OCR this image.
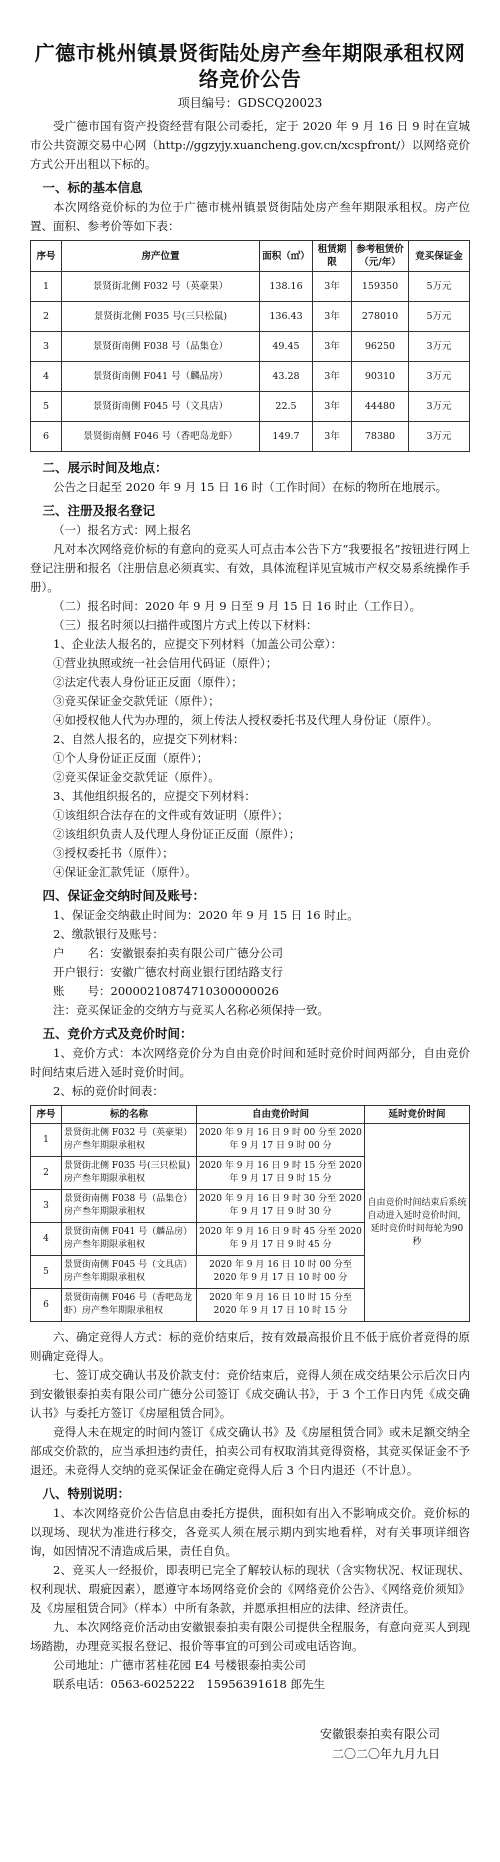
广德市桃州镇景贤街陆处房产叁年期限承租权网络竞价公告
项目编号：GDSCQ20023

受广德市国有资产投资经营有限公司委托，定于 2020 年 9 月 16 日 9 时在宣城市公共资源交易中心网（http://ggzyjy.xuancheng.gov.cn/xcspfront/）以网络竞价方式公开出租以下标的。

一、标的基本信息

本次网络竞价标的为位于广德市桃州镇景贤街陆处房产叁年期限承租权。房产位置、面积、参考价等如下表：

序号	房产位置	面积（㎡）	租赁期限	参考租赁价（元/年）	竞买保证金
1	景贤街北侧 F032 号（英豪果）	138.16	3年	159350	5万元
2	景贤街北侧 F035 号(三只松鼠)	136.43	3年	278010	5万元
3	景贤街南侧 F038 号（品集仓）	49.45	3年	96250	3万元
4	景贤街南侧 F041 号（麟品房）	43.28	3年	90310	3万元
5	景贤街南侧 F045 号（文具店）	22.5	3年	44480	3万元
6	景贤街南侧 F046 号（香吧岛龙虾）	149.7	3年	78380	3万元
二、展示时间及地点：

公告之日起至 2020 年 9 月 15 日 16 时（工作时间）在标的物所在地展示。

三、注册及报名登记

（一）报名方式：网上报名

凡对本次网络竞价标的有意向的竞买人可点击本公告下方“我要报名”按钮进行网上登记注册和报名（注册信息必须真实、有效，具体流程详见宣城市产权交易系统操作手册）。

（二）报名时间：2020 年 9 月 9 日至 9 月 15 日 16 时止（工作日）。

（三）报名时须以扫描件或图片方式上传以下材料：

1、企业法人报名的，应提交下列材料（加盖公司公章）：

①营业执照或统一社会信用代码证（原件）；

②法定代表人身份证正反面（原件）；

③竞买保证金交款凭证（原件）；

④如授权他人代为办理的，须上传法人授权委托书及代理人身份证（原件）。

2、自然人报名的，应提交下列材料：

①个人身份证正反面（原件）；

②竞买保证金交款凭证（原件）。

3、其他组织报名的，应提交下列材料：

①该组织合法存在的文件或有效证明（原件）；

②该组织负责人及代理人身份证正反面（原件）；

③授权委托书（原件）；

④保证金汇款凭证（原件）。

四、保证金交纳时间及账号：

1、保证金交纳截止时间为：2020 年 9 月 15 日 16 时止。

2、缴款银行及账号：

户　　名：安徽银泰拍卖有限公司广德分公司

开户银行：安徽广德农村商业银行团结路支行

账　　号：20000210874710300000026

注：竞买保证金的交纳方与竞买人名称必须保持一致。

五、竞价方式及竞价时间：

1、竞价方式：本次网络竞价分为自由竞价时间和延时竞价时间两部分，自由竞价时间结束后进入延时竞价时间。

2、标的竞价时间表：

序号	标的名称	自由竞价时间	延时竞价时间
1	景贤街北侧 F032 号（英豪果）房产叁年期限承租权	2020 年 9 月 16 日 9 时 00 分至 2020 年 9 月 17 日 9 时 00 分	自由竞价时间结束后系统自动进入延时竞价时间，延时竞价时间每轮为90秒
2	景贤街北侧 F035 号(三只松鼠)房产叁年期限承租权	2020 年 9 月 16 日 9 时 15 分至 2020 年 9 月 17 日 9 时 15 分	
3	景贤街南侧 F038 号（品集仓）房产叁年期限承租权	2020 年 9 月 16 日 9 时 30 分至 2020 年 9 月 17 日 9 时 30 分	
4	景贤街南侧 F041 号（麟品房）房产叁年期限承租权	2020 年 9 月 16 日 9 时 45 分至 2020 年 9 月 17 日 9 时 45 分	
5	景贤街南侧 F045 号（文具店）房产叁年期限承租权	2020 年 9 月 16 日 10 时 00 分至 2020 年 9 月 17 日 10 时 00 分	
6	景贤街南侧 F046 号（香吧岛龙虾）房产叁年期限承租权	2020 年 9 月 16 日 10 时 15 分至 2020 年 9 月 17 日 10 时 15 分	

六、确定竞得人方式：标的竞价结束后，按有效最高报价且不低于底价者竞得的原则确定竞得人。

七、签订成交确认书及价款支付：竞价结束后，竞得人须在成交结果公示后次日内到安徽银泰拍卖有限公司广德分公司签订《成交确认书》，于 3 个工作日内凭《成交确认书》与委托方签订《房屋租赁合同》。

竞得人未在规定的时间内签订《成交确认书》及《房屋租赁合同》或未足额交纳全部成交价款的，应当承担违约责任，拍卖公司有权取消其竞得资格，其竞买保证金不予退还。未竞得人交纳的竞买保证金在确定竞得人后 3 个日内退还（不计息）。

八、特别说明：

1、本次网络竞价公告信息由委托方提供，面积如有出入不影响成交价。竞价标的以现场、现状为准进行移交，各竞买人须在展示期内到实地看样，对有关事项详细咨询，如因情况不清造成后果，责任自负。

2、竞买人一经报价，即表明已完全了解较认标的现状（含实物状况、权证现状、权利现状、瑕疵因素），愿遵守本场网络竞价会的《网络竞价公告》、《网络竞价须知》及《房屋租赁合同》（样本）中所有条款，并愿承担相应的法律、经济责任。

九、本次网络竞价活动由安徽银泰拍卖有限公司提供全程服务，有意向竞买人到现场踏勘，办理竞买报名登记、报价等事宜的可到公司或电话咨询。

公司地址：广德市茗桂花园 E4 号楼银泰拍卖公司

联系电话：0563-6025222　15956391618 郎先生

安徽银泰拍卖有限公司
二〇二〇年九月九日
